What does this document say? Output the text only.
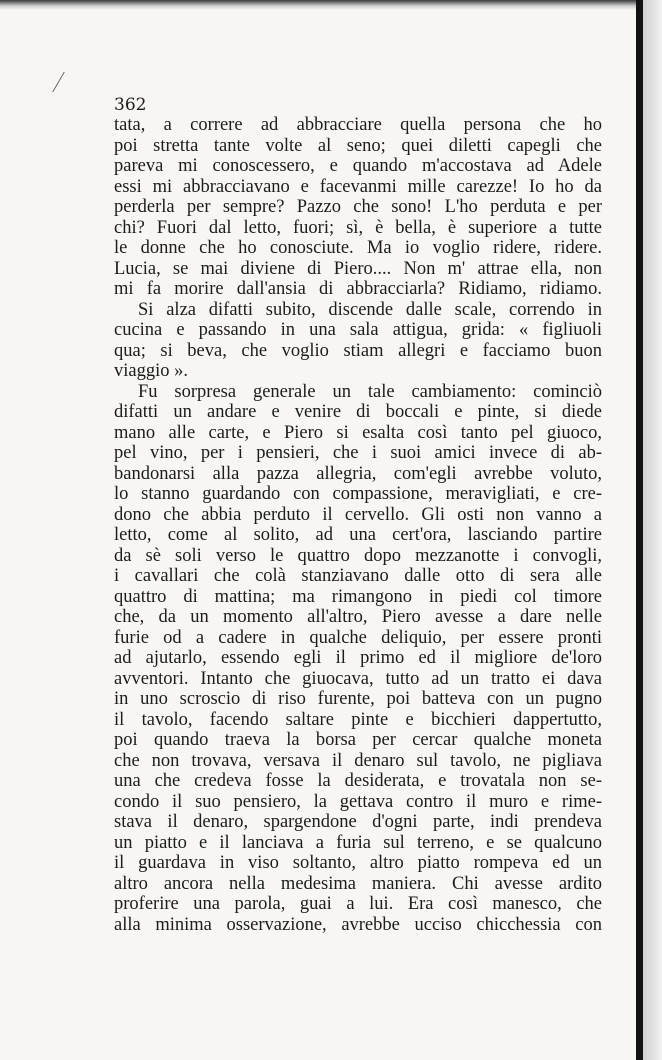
362
tata, a correre ad abbracciare quella persona che ho
poi stretta tante volte al seno; quei diletti capegli che
pareva mi conoscessero, e quando m'accostava ad Adele
essi mi abbracciavano e facevanmi mille carezze! Io ho da
perderla per sempre? Pazzo che sono! L'ho perduta e per
chi? Fuori dal letto, fuori; sì, è bella, è superiore a tutte
le donne che ho conosciute. Ma io voglio ridere, ridere.
Lucia, se mai diviene di Piero.... Non m' attrae ella, non
mi fa morire dall'ansia di abbracciarla? Ridiamo, ridiamo.
Si alza difatti subito, discende dalle scale, correndo in
cucina e passando in una sala attigua, grida: « figliuoli
qua; si beva, che voglio stiam allegri e facciamo buon
viaggio ».
Fu sorpresa generale un tale cambiamento: cominciò
difatti un andare e venire di boccali e pinte, si diede
mano alle carte, e Piero si esalta così tanto pel giuoco,
pel vino, per i pensieri, che i suoi amici invece di ab-
bandonarsi alla pazza allegria, com'egli avrebbe voluto,
lo stanno guardando con compassione, meravigliati, e cre-
dono che abbia perduto il cervello. Gli osti non vanno a
letto, come al solito, ad una cert'ora, lasciando partire
da sè soli verso le quattro dopo mezzanotte i convogli,
i cavallari che colà stanziavano dalle otto di sera alle
quattro di mattina; ma rimangono in piedi col timore
che, da un momento all'altro, Piero avesse a dare nelle
furie od a cadere in qualche deliquio, per essere pronti
ad ajutarlo, essendo egli il primo ed il migliore de'loro
avventori. Intanto che giuocava, tutto ad un tratto ei dava
in uno scroscio di riso furente, poi batteva con un pugno
il tavolo, facendo saltare pinte e bicchieri dappertutto,
poi quando traeva la borsa per cercar qualche moneta
che non trovava, versava il denaro sul tavolo, ne pigliava
una che credeva fosse la desiderata, e trovatala non se-
condo il suo pensiero, la gettava contro il muro e rime-
stava il denaro, spargendone d'ogni parte, indi prendeva
un piatto e il lanciava a furia sul terreno, e se qualcuno
il guardava in viso soltanto, altro piatto rompeva ed un
altro ancora nella medesima maniera. Chi avesse ardito
proferire una parola, guai a lui. Era così manesco, che
alla minima osservazione, avrebbe ucciso chicchessia con
